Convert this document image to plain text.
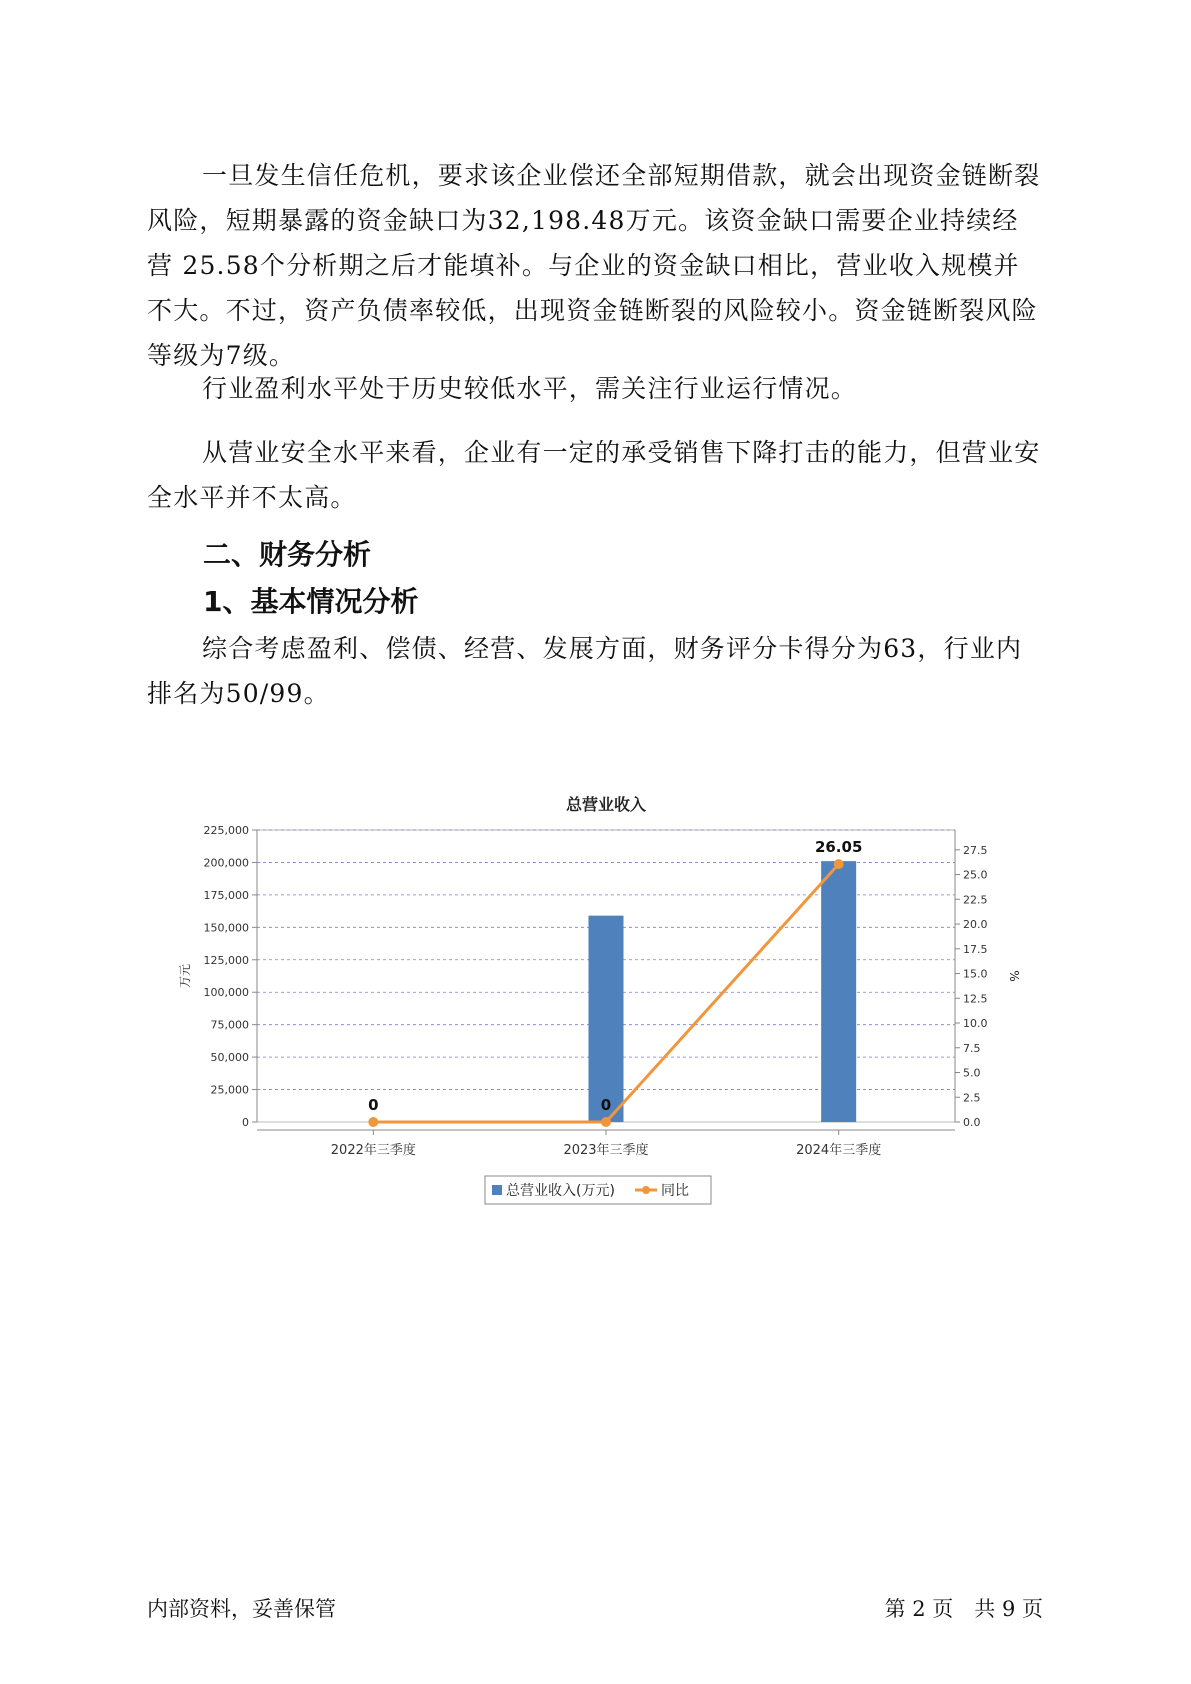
一旦发生信任危机，要求该企业偿还全部短期借款，就会出现资金链断裂风险，短期暴露的资金缺口为32,198.48万元。该资金缺口需要企业持续经营 25.58个分析期之后才能填补。与企业的资金缺口相比，营业收入规模并不大。不过，资产负债率较低，出现资金链断裂的风险较小。资金链断裂风险等级为7级。

行业盈利水平处于历史较低水平，需关注行业运行情况。

从营业安全水平来看，企业有一定的承受销售下降打击的能力，但营业安全水平并不太高。

二、财务分析
1、基本情况分析

综合考虑盈利、偿债、经营、发展方面，财务评分卡得分为63，行业内排名为50/99。

总营业收入
0
25,000
50,000
75,000
100,000
125,000
150,000
175,000
200,000
225,000
0.0
2.5
5.0
7.5
10.0
12.5
15.0
17.5
20.0
22.5
25.0
27.5
万元	%
2022年三季度	2023年三季度	2024年三季度
0	0
26.05
总营业收入(万元)	同比
内部资料，妥善保管	第 2 页　共 9 页
